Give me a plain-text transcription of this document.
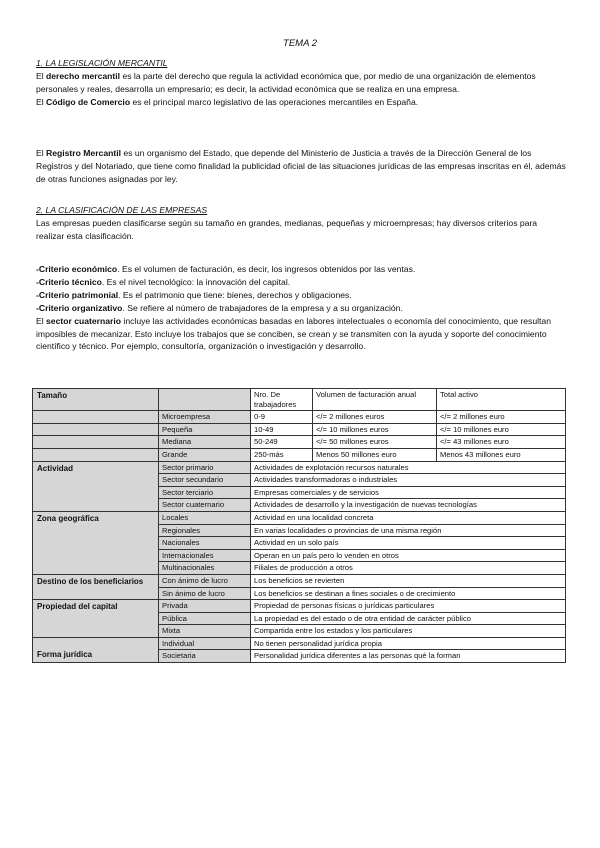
TEMA 2

1. LA LEGISLACIÓN MERCANTIL
El derecho mercantil es la parte del derecho que regula la actividad económica que, por medio de una organización de elementos personales y reales, desarrolla un empresario; es decir, la actividad económica que se realiza en una empresa.
El Código de Comercio es el principal marco legislativo de las operaciones mercantiles en España.

El Registro Mercantil es un organismo del Estado, que depende del Ministerio de Justicia a través de la Dirección General de los Registros y del Notariado, que tiene como finalidad la publicidad oficial de las situaciones jurídicas de las empresas inscritas en él, además de otras funciones asignadas por ley.

2. LA CLASIFICACIÓN DE LAS EMPRESAS
Las empresas pueden clasificarse según su tamaño en grandes, medianas, pequeñas y microempresas; hay diversos criterios para realizar esta clasificación.

-Criterio económico. Es el volumen de facturación, es decir, los ingresos obtenidos por las ventas.
-Criterio técnico. Es el nivel tecnológico: la innovación del capital.
-Criterio patrimonial. Es el patrimonio que tiene: bienes, derechos y obligaciones.
-Criterio organizativo. Se refiere al número de trabajadores de la empresa y a su organización.
El sector cuaternario incluye las actividades económicas basadas en labores intelectuales o economía del conocimiento, que resultan imposibles de mecanizar. Esto incluye los trabajos que se conciben, se crean y se transmiten con la ayuda y soporte del conocimiento científico y técnico. Por ejemplo, consultoría, organización o investigación y desarrollo.

Tamaño		Nro. De trabajadores	Volumen de facturación anual	Total activo
	Microempresa	0-9	</= 2 millones euros	</= 2 millones euro
	Pequeña	10-49	</= 10 millones euros	</= 10 millones euro
	Mediana	50-249	</= 50 millones euros	</= 43 millones euro
	Grande	250-más	Menos 50 millones euro	Menos 43 millones euro
Actividad	Sector primario	Actividades de explotación recursos naturales		
	Sector secundario	Actividades transformadoras o industriales		
	Sector terciario	Empresas comerciales y de servicios		
	Sector cuaternario	Actividades de desarrollo y la investigación de nuevas tecnologías		
Zona geográfica	Locales	Actividad en una localidad concreta		
	Regionales	En varias localidades o provincias de una misma región		
	Nacionales	Actividad en un solo país		
	Internacionales	Operan en un país pero lo venden en otros		
	Multinacionales	Filiales de producción a otros		
Destino de los beneficiarios	Con ánimo de lucro	Los beneficios se revierten		
	Sin ánimo de lucro	Los beneficios se destinan a fines sociales o de crecimiento		
Propiedad del capital	Privada	Propiedad de personas físicas o jurídicas particulares		
	Pública	La propiedad es del estado o de otra entidad de carácter público		
	Mixta	Compartida entre los estados y los particulares		
Forma jurídica	Individual	No tienen personalidad jurídica propia		
	Societaria	Personalidad jurídica diferentes a las personas qué la forman		
